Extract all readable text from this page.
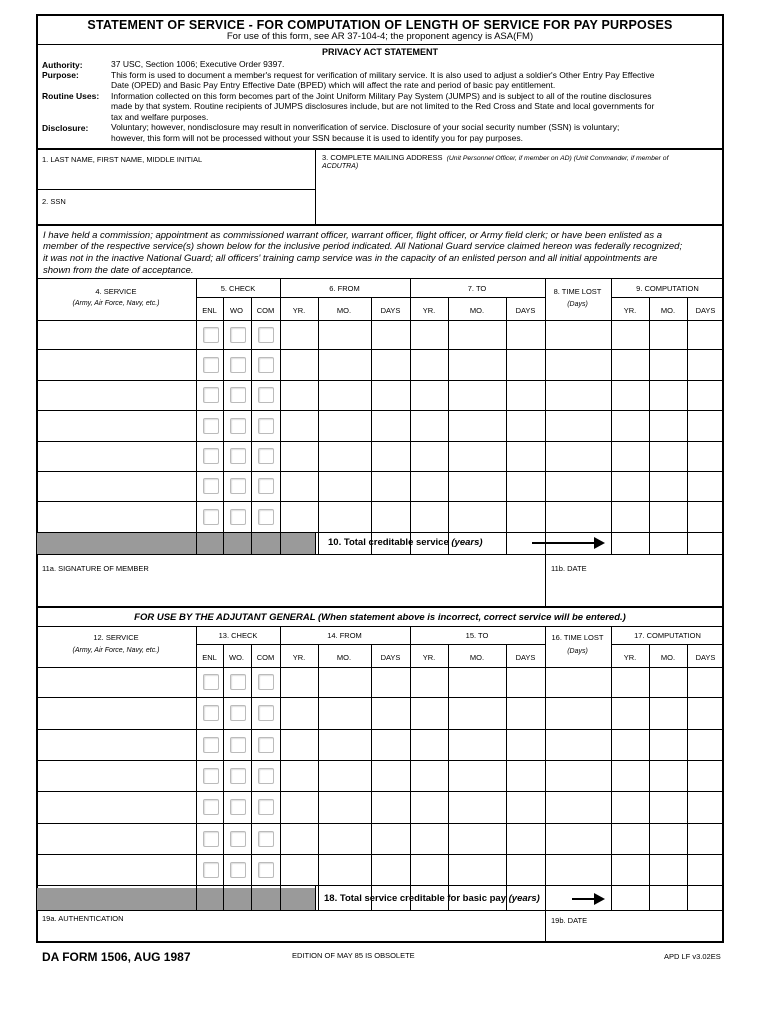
STATEMENT OF SERVICE - FOR COMPUTATION OF LENGTH OF SERVICE FOR PAY PURPOSES
For use of this form, see AR 37-104-4; the proponent agency is ASA(FM)
PRIVACY ACT STATEMENT
Authority:	37 USC, Section 1006; Executive Order 9397.
Purpose:	This form is used to document a member's request for verification of military service. It is also used to adjust a soldier's Other Entry Pay Effective
Date (OPED) and Basic Pay Entry Effective Date (BPED) which will affect the rate and period of basic pay entitlement.
Routine Uses: Information collected on this form becomes part of the Joint Uniform Military Pay System (JUMPS) and is subject to all of the routine disclosures
made by that system. Routine recipients of JUMPS disclosures include, but are not limited to the Red Cross and State and local governments for
tax and welfare purposes.
Disclosure:	Voluntary; however, nondisclosure may result in nonverification of service. Disclosure of your social security number (SSN) is voluntary;
however, this form will not be processed without your SSN because it is used to identify you for pay purposes.
1. LAST NAME, FIRST NAME, MIDDLE INITIAL
2. SSN
3. COMPLETE MAILING ADDRESS (Unit Personnel Officer, if member on AD) (Unit Commander, if member of
ACDUTRA)
I have held a commission; appointment as commissioned warrant officer, warrant officer, flight officer, or Army field clerk; or have been enlisted as a
member of the respective service(s) shown below for the inclusive period indicated. All National Guard service claimed hereon was federally recognized;
it was not in the inactive National Guard; all officers' training camp service was in the capacity of an enlisted person and all initial appointments are
shown from the date of acceptance.
4. SERVICE
(Army, Air Force, Navy, etc.)
5. CHECK	6. FROM	7. TO	8. TIME LOST
(Days)
9. COMPUTATION
ENL	WO	COM	YR.	MO.	DAYS	YR.	MO.	DAYS	YR.	MO.	DAYS
10. Total creditable service (years)
11a. SIGNATURE OF MEMBER	11b. DATE
FOR USE BY THE ADJUTANT GENERAL (When statement above is incorrect, correct service will be entered.)
12. SERVICE
(Army, Air Force, Navy, etc.)
13. CHECK	14. FROM	15. TO	16. TIME LOST
(Days)
17. COMPUTATION
ENL	WO.	COM	YR.	MO.	DAYS	YR.	MO.	DAYS	YR.	MO.	DAYS
18. Total service creditable for basic pay (years)
19a. AUTHENTICATION	19b. DATE
DA FORM 1506, AUG 1987	EDITION OF MAY 85 IS OBSOLETE	APD LF v3.02ES
